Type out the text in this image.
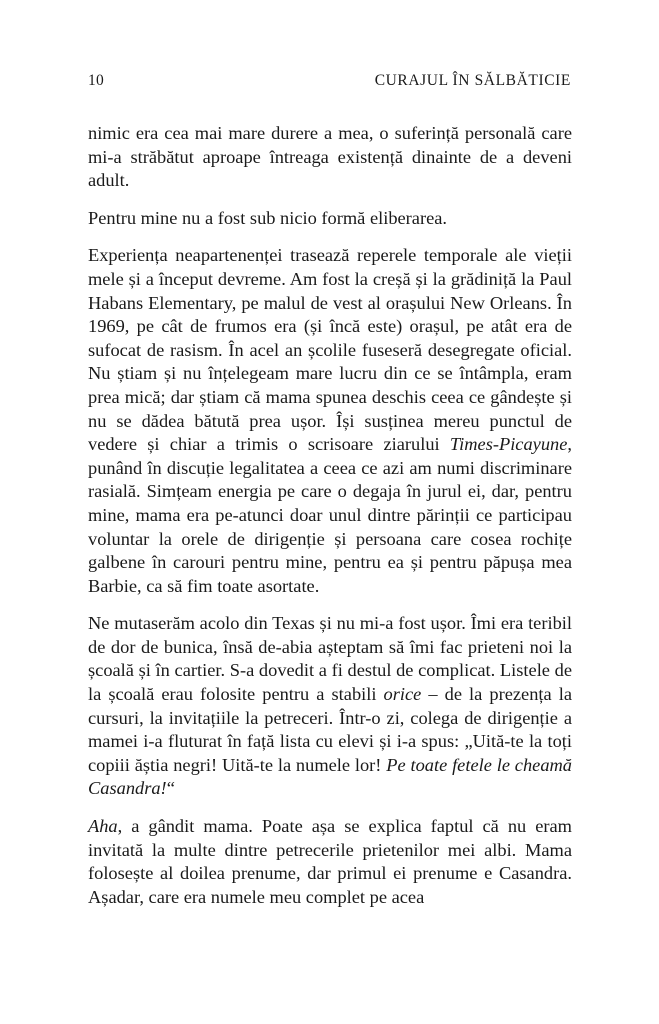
10	CURAJUL ÎN SĂLBĂTICIE

nimic era cea mai mare durere a mea, o suferință personală care mi-a străbătut aproape întreaga existență dinainte de a deveni adult.

Pentru mine nu a fost sub nicio formă eliberarea.

Experiența neapartenenței trasează reperele temporale ale vieții mele și a început devreme. Am fost la creșă și la grădiniță la Paul Habans Elementary, pe malul de vest al orașului New Orleans. În 1969, pe cât de frumos era (și încă este) orașul, pe atât era de sufocat de rasism. În acel an școlile fuseseră desegregate oficial. Nu știam și nu înțelegeam mare lucru din ce se întâmpla, eram prea mică; dar știam că mama spunea deschis ceea ce gândește și nu se dădea bătută prea ușor. Își susținea mereu punctul de vedere și chiar a trimis o scrisoare ziarului Times-Picayune, punând în discuție legalitatea a ceea ce azi am numi discriminare rasială. Simțeam energia pe care o degaja în jurul ei, dar, pentru mine, mama era pe-atunci doar unul dintre părinții ce participau voluntar la orele de dirigenție și persoana care cosea rochițe galbene în carouri pentru mine, pentru ea și pentru păpușa mea Barbie, ca să fim toate asortate.

Ne mutaserăm acolo din Texas și nu mi-a fost ușor. Îmi era teribil de dor de bunica, însă de-abia așteptam să îmi fac prieteni noi la școală și în cartier. S-a dovedit a fi destul de complicat. Listele de la școală erau folosite pentru a stabili orice – de la prezența la cursuri, la invitațiile la petreceri. Într-o zi, colega de dirigenție a mamei i-a fluturat în față lista cu elevi și i-a spus: „Uită-te la toți copiii ăștia negri! Uită-te la numele lor! Pe toate fetele le cheamă Casandra!“

Aha, a gândit mama. Poate așa se explica faptul că nu eram invitată la multe dintre petrecerile prietenilor mei albi. Mama folosește al doilea prenume, dar primul ei prenume e Casandra. Așadar, care era numele meu complet pe acea
